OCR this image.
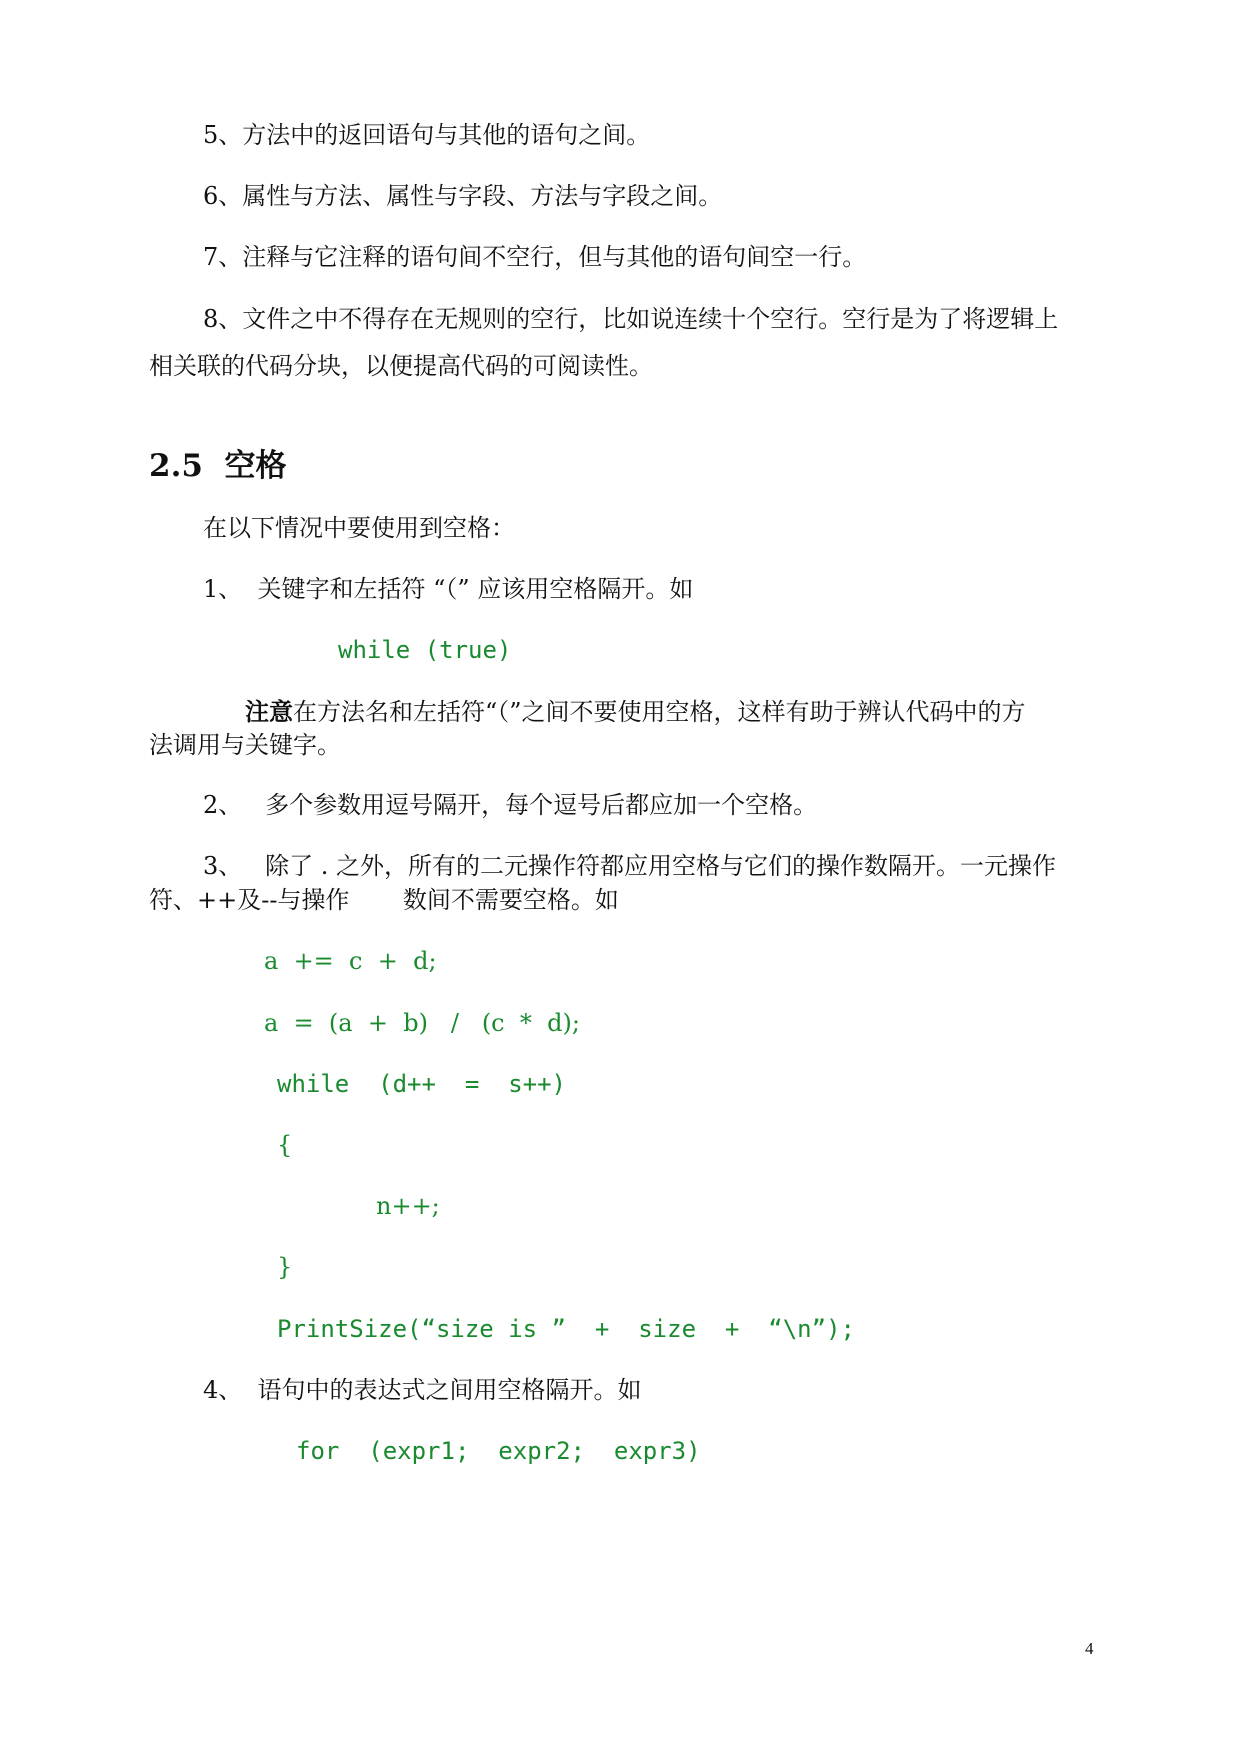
5、方法中的返回语句与其他的语句之间。

6、属性与方法、属性与字段、方法与字段之间。

7、注释与它注释的语句间不空行，但与其他的语句间空一行。

8、文件之中不得存在无规则的空行，比如说连续十个空行。空行是为了将逻辑上

相关联的代码分块，以便提高代码的可阅读性。

2.5 空格

在以下情况中要使用到空格：

1、  关键字和左括符 “（” 应该用空格隔开。如

while (true)

注意在方法名和左括符“（”之间不要使用空格，这样有助于辨认代码中的方

法调用与关键字。

2、   多个参数用逗号隔开，每个逗号后都应加一个空格。

3、   除了 . 之外，所有的二元操作符都应用空格与它们的操作数隔开。一元操作

符、++及--与操作       数间不需要空格。如

a  +=  c  +  d;

a  =  (a  +  b)   /   (c  *  d);

while  (d++  =  s++)

{

n++;

}

PrintSize(“size is ”  +  size  +  “\n”);

4、  语句中的表达式之间用空格隔开。如

for  (expr1;  expr2;  expr3)

4
